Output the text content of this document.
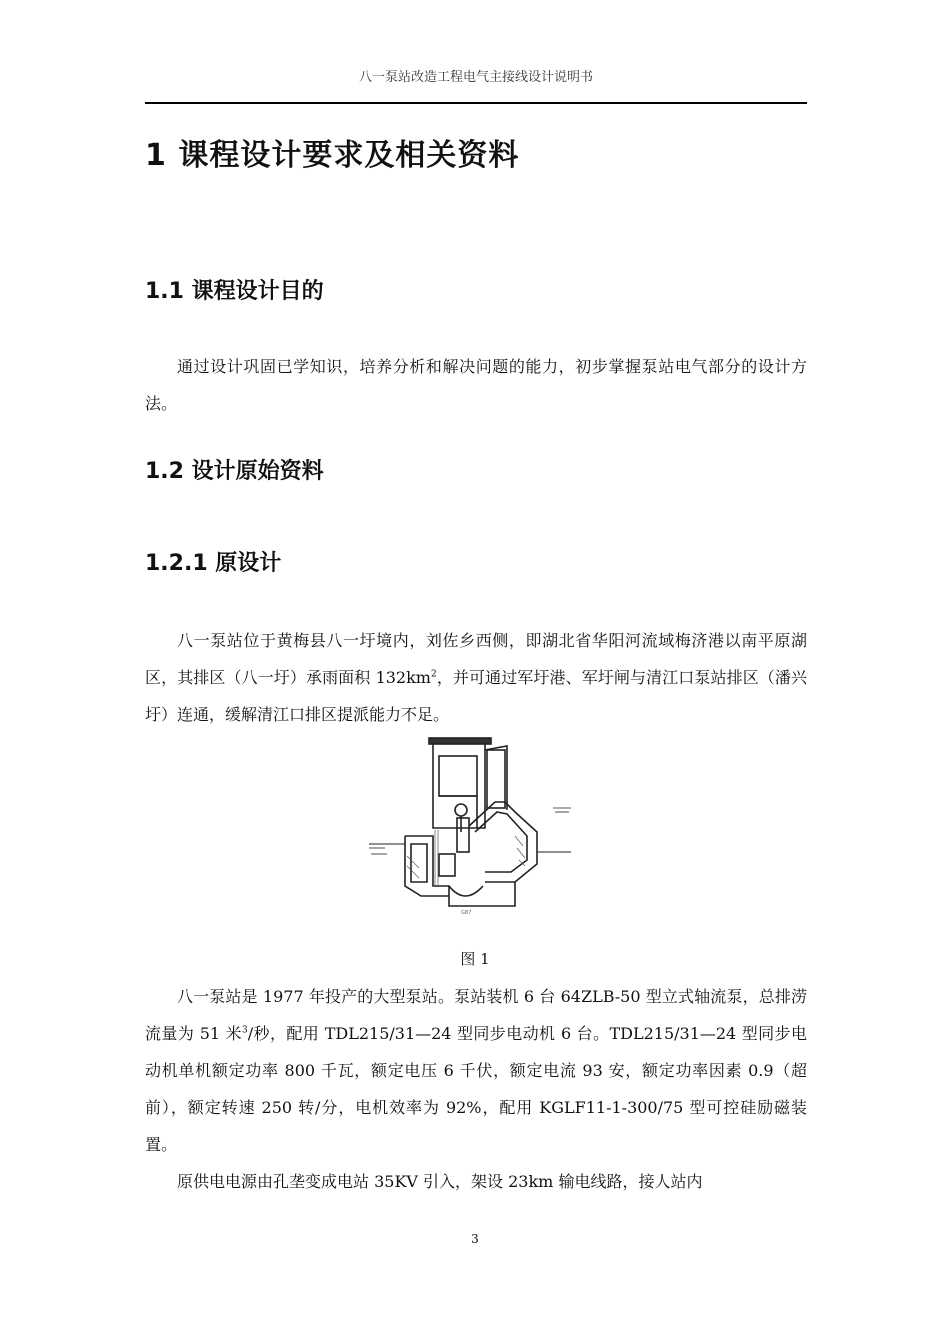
八一泵站改造工程电气主接线设计说明书
1 课程设计要求及相关资料
1.1 课程设计目的

通过设计巩固已学知识，培养分析和解决问题的能力，初步掌握泵站电气部分的设计方法。

1.2 设计原始资料
1.2.1 原设计

八一泵站位于黄梅县八一圩境内，刘佐乡西侧，即湖北省华阳河流域梅济港以南平原湖区，其排区（八一圩）承雨面积 $132km^2$，并可通过军圩港、军圩闸与清江口泵站排区（潘兴圩）连通，缓解清江口排区提派能力不足。

GB7
图 1

八一泵站是 1977 年投产的大型泵站。泵站装机 6 台 64ZLB-50 型立式轴流泵，总排涝流量为 51 米$^3$/秒，配用 TDL215/31—24 型同步电动机 6 台。TDL215/31—24 型同步电动机单机额定功率 800 千瓦，额定电压 6 千伏，额定电流 93 安，额定功率因素 0.9（超前），额定转速 250 转/分，电机效率为 92%，配用 KGLF11-1-300/75 型可控硅励磁装置。

原供电电源由孔垄变成电站 35KV 引入，架设 23km 输电线路，接人站内

3
